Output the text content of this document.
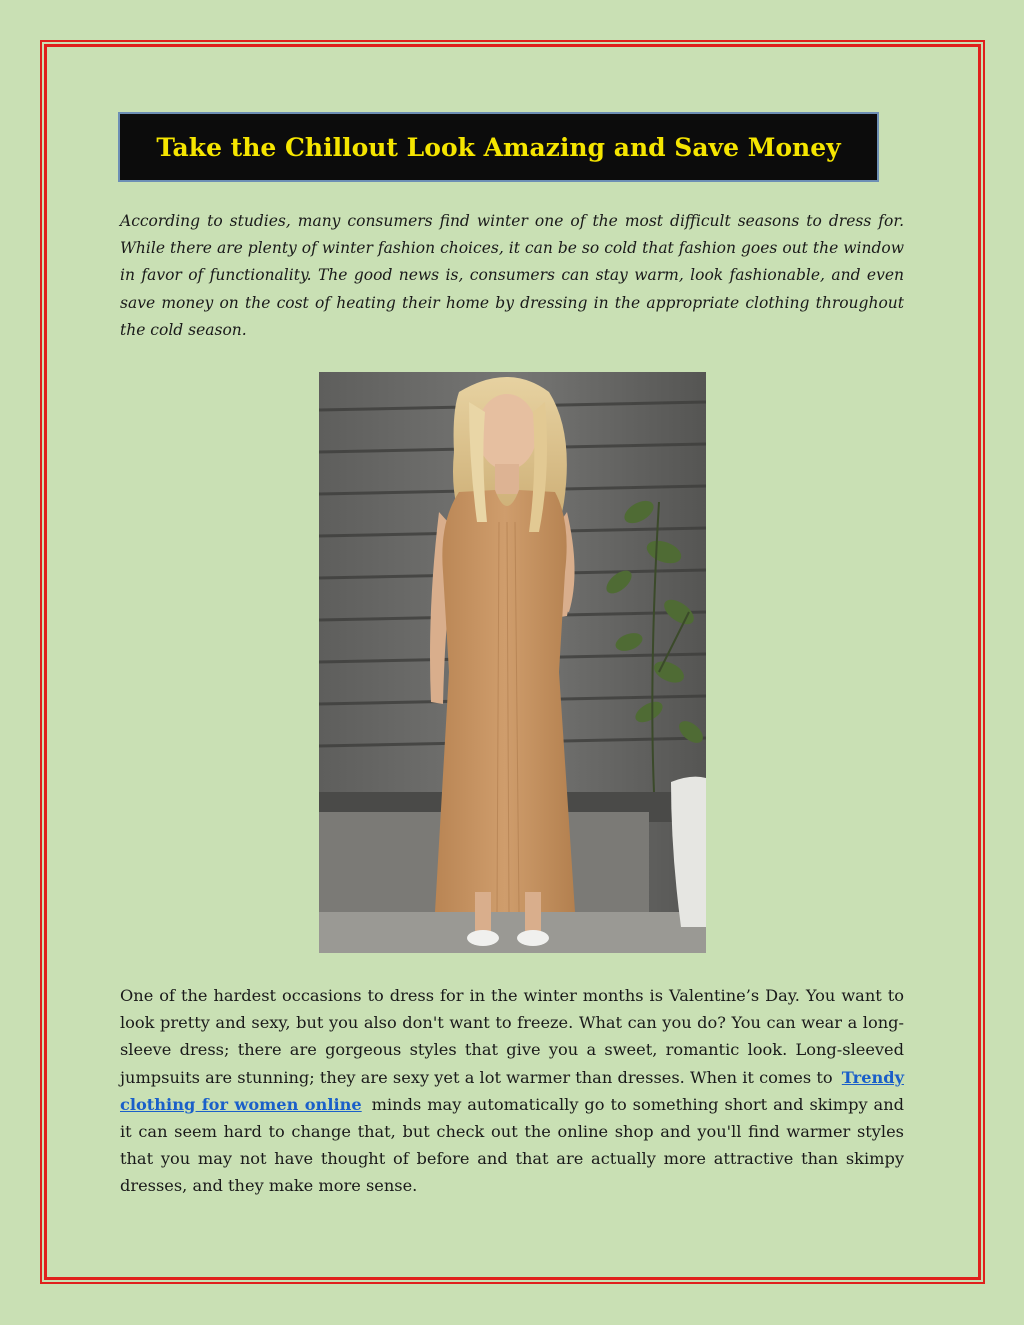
Take the Chillout Look Amazing and Save Money

According to studies, many consumers find winter one of the most difficult seasons to dress for. While there are plenty of winter fashion choices, it can be so cold that fashion goes out the window in favor of functionality. The good news is, consumers can stay warm, look fashionable, and even save money on the cost of heating their home by dressing in the appropriate clothing throughout the cold season.

One of the hardest occasions to dress for in the winter months is Valentine’s Day. You want to look pretty and sexy, but you also don't want to freeze. What can you do? You can wear a long-sleeve dress; there are gorgeous styles that give you a sweet, romantic look. Long-sleeved jumpsuits are stunning; they are sexy yet a lot warmer than dresses. When it comes to Trendy clothing for women online minds may automatically go to something short and skimpy and it can seem hard to change that, but check out the online shop and you'll find warmer styles that you may not have thought of before and that are actually more attractive than skimpy dresses, and they make more sense.
